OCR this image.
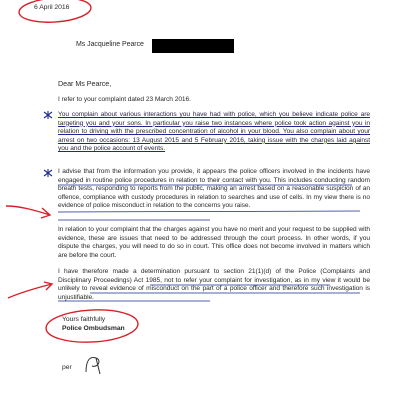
6 April 2016
Ms Jacqueline Pearce
Dear Ms Pearce,
I refer to your complaint dated 23 March 2016.
You complain about various interactions you have had with police, which you believe indicate police are targeting you and your sons. In particular you raise two instances where police took action against you in relation to driving with the prescribed concentration of alcohol in your blood. You also complain about your arrest on two occasions: 13 August 2015 and 5 February 2016, taking issue with the charges laid against you and the police account of events.
I advise that from the information you provide, it appears the police officers involved in the incidents have engaged in routine police procedures in relation to their contact with you. This includes conducting random breath tests, responding to reports from the public, making an arrest based on a reasonable suspicion of an offence, compliance with custody procedures in relation to searches and use of cells. In my view there is no evidence of police misconduct in relation to the concerns you raise.
In relation to your complaint that the charges against you have no merit and your request to be supplied with evidence, these are issues that need to be addressed through the court process. In other words, if you dispute the charges, you will need to do so in court. This office does not become involved in matters which are before the court.
I have therefore made a determination pursuant to section 21(1)(d) of the Police (Complaints and Disciplinary Proceedings) Act 1985, not to refer your complaint for investigation, as in my view it would be unlikely to reveal evidence of misconduct on the part of a police officer and therefore such investigation is unjustifiable.
Yours faithfully
Police Ombudsman
per
